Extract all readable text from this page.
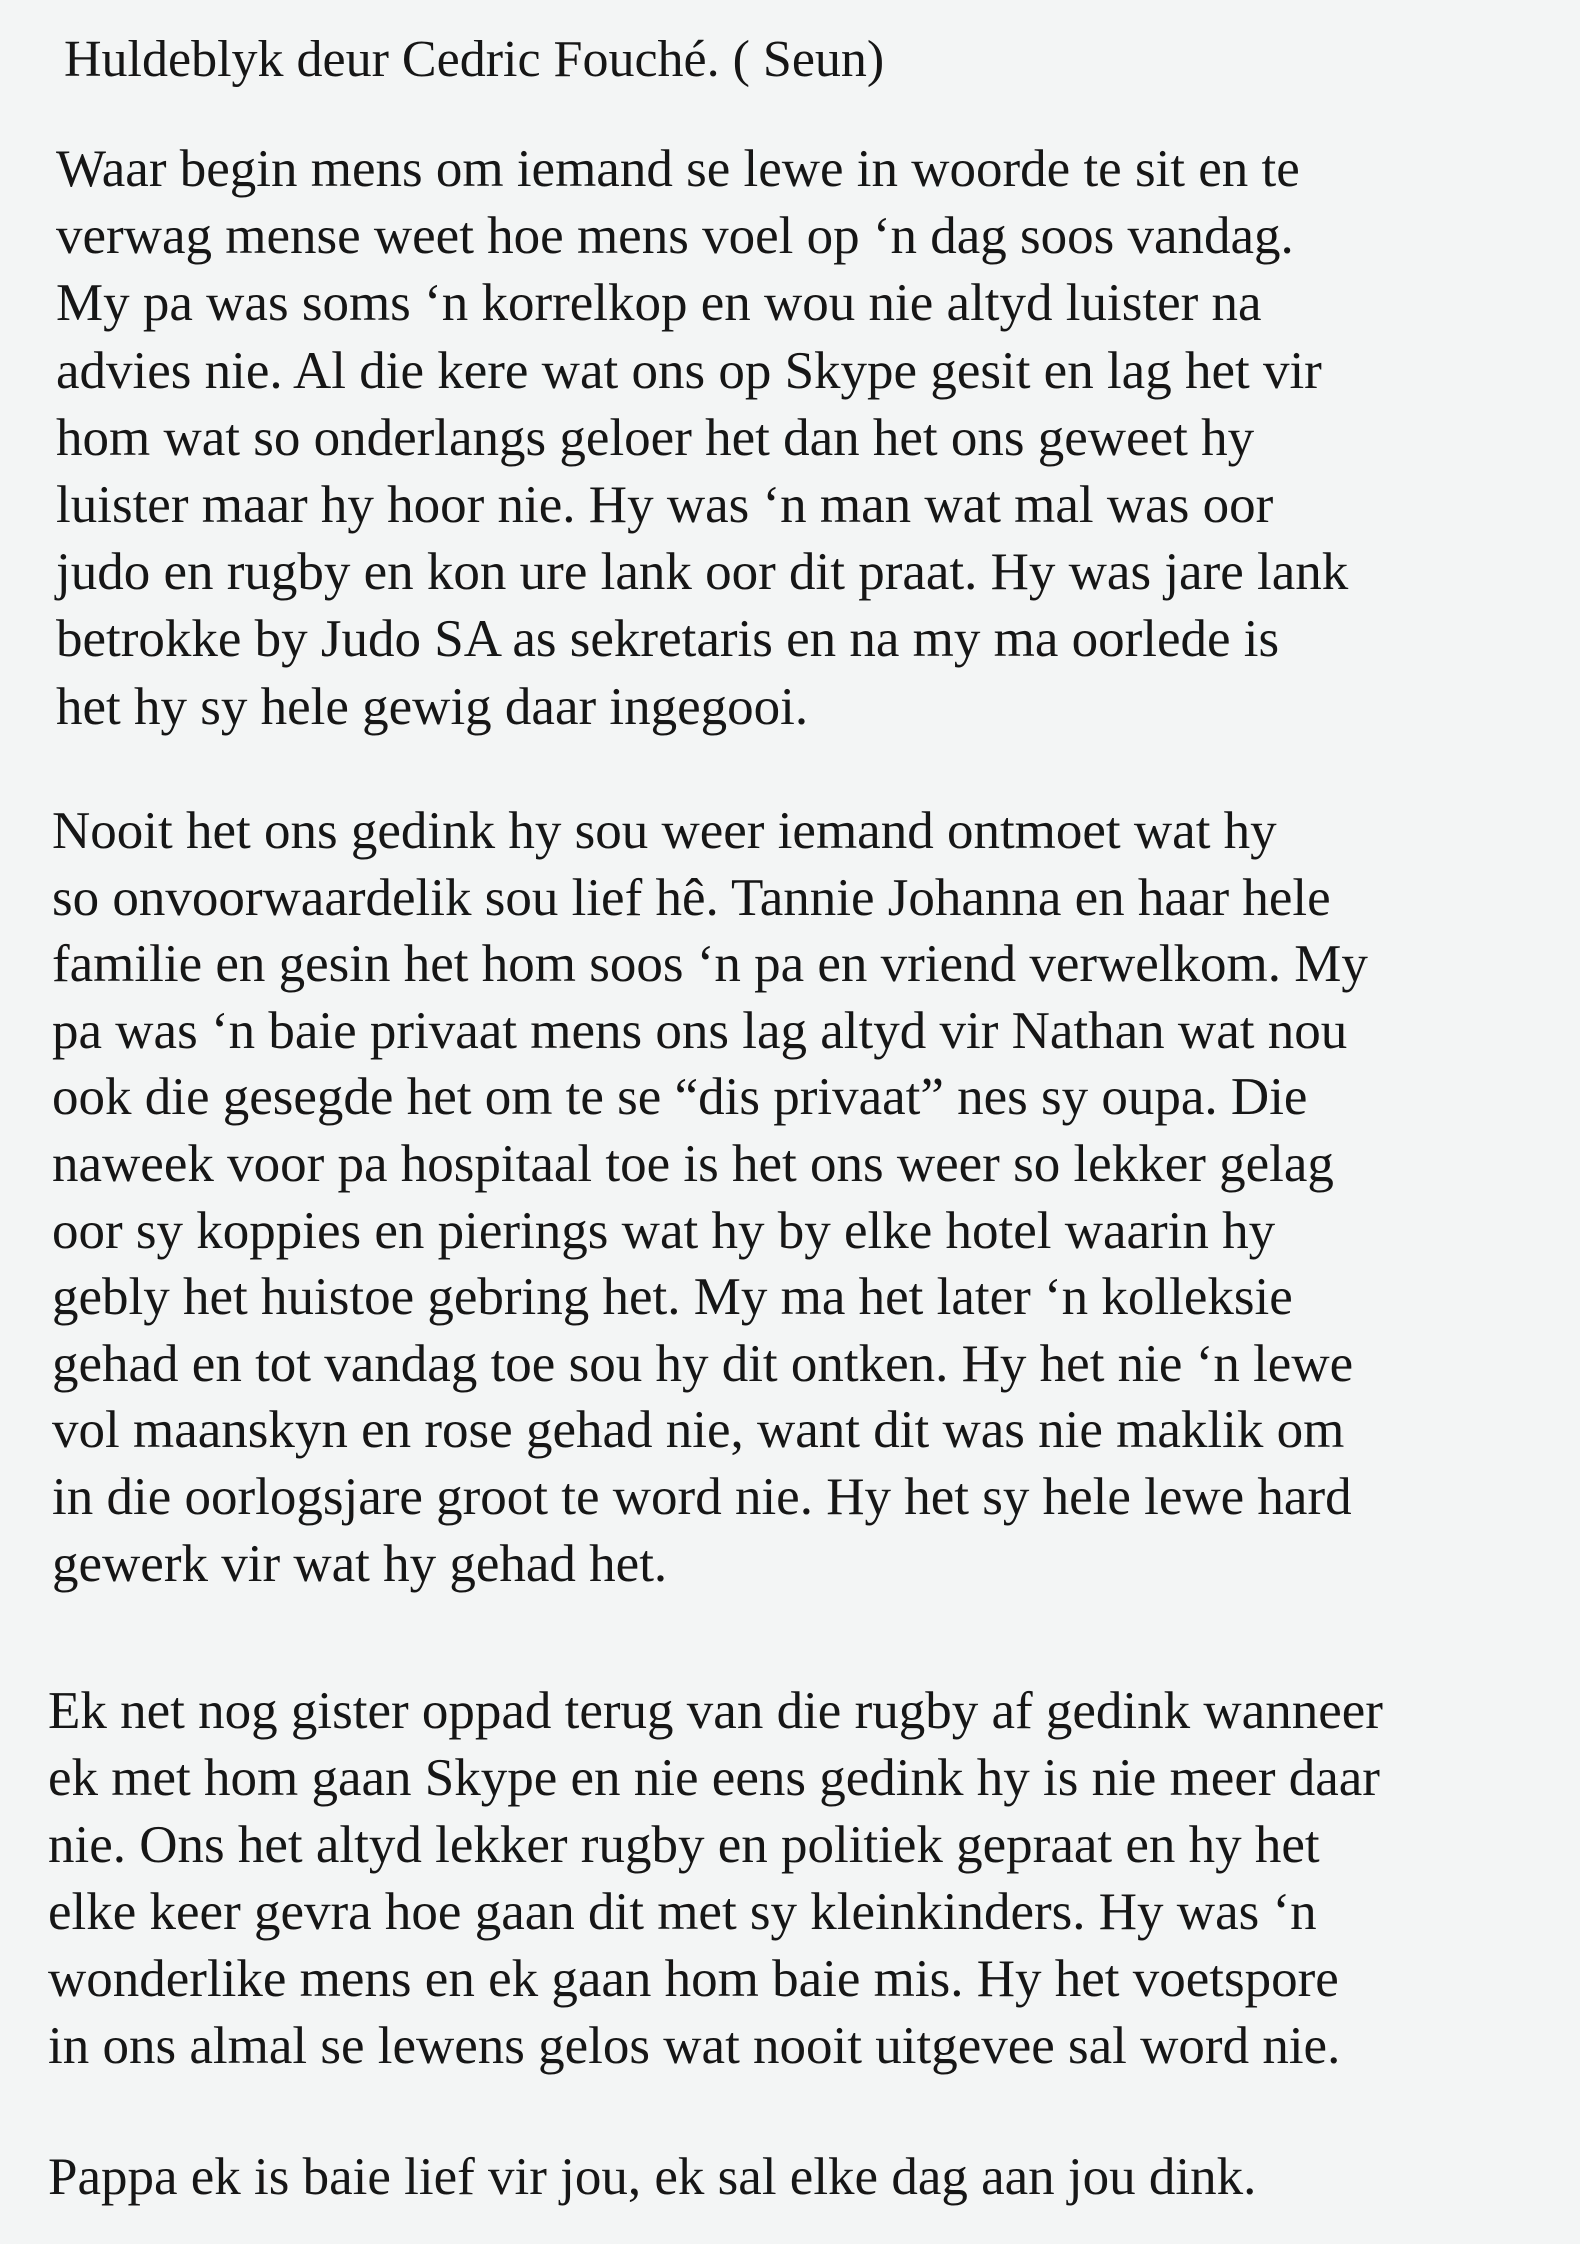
Huldeblyk deur Cedric Fouché. ( Seun)

Waar begin mens om iemand se lewe in woorde te sit en te
verwag mense weet hoe mens voel op ‘n dag soos vandag.
My pa was soms ‘n korrelkop en wou nie altyd luister na
advies nie. Al die kere wat ons op Skype gesit en lag het vir
hom wat so onderlangs geloer het dan het ons geweet hy
luister maar hy hoor nie. Hy was ‘n man wat mal was oor
judo en rugby en kon ure lank oor dit praat. Hy was jare lank
betrokke by Judo SA as sekretaris en na my ma oorlede is
het hy sy hele gewig daar ingegooi.

Nooit het ons gedink hy sou weer iemand ontmoet wat hy
so onvoorwaardelik sou lief hê. Tannie Johanna en haar hele
familie en gesin het hom soos ‘n pa en vriend verwelkom. My
pa was ‘n baie privaat mens ons lag altyd vir Nathan wat nou
ook die gesegde het om te se “dis privaat” nes sy oupa. Die
naweek voor pa hospitaal toe is het ons weer so lekker gelag
oor sy koppies en pierings wat hy by elke hotel waarin hy
gebly het huistoe gebring het. My ma het later ‘n kolleksie
gehad en tot vandag toe sou hy dit ontken. Hy het nie ‘n lewe
vol maanskyn en rose gehad nie, want dit was nie maklik om
in die oorlogsjare groot te word nie. Hy het sy hele lewe hard
gewerk vir wat hy gehad het.

Ek net nog gister oppad terug van die rugby af gedink wanneer
ek met hom gaan Skype en nie eens gedink hy is nie meer daar
nie. Ons het altyd lekker rugby en politiek gepraat en hy het
elke keer gevra hoe gaan dit met sy kleinkinders. Hy was ‘n
wonderlike mens en ek gaan hom baie mis. Hy het voetspore
in ons almal se lewens gelos wat nooit uitgevee sal word nie.

Pappa ek is baie lief vir jou, ek sal elke dag aan jou dink.
